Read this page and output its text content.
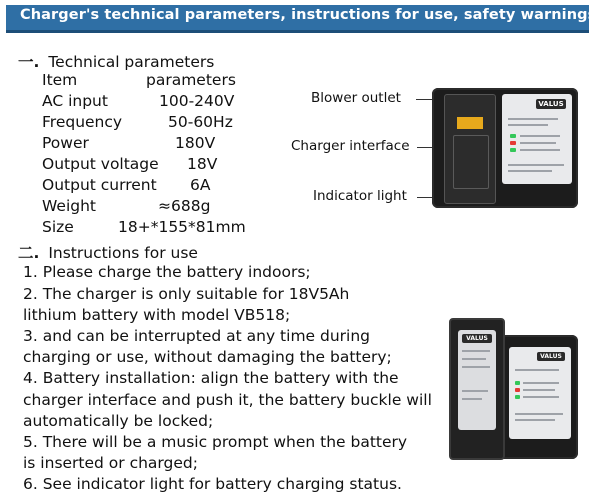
Charger's technical parameters, instructions for use, safety warnings
一. Technical parameters
Item	parameters
AC input	100-240V
Frequency	50-60Hz
Power	180V
Output voltage 18V
Output current 6A
Weight	≈688g
Size	18+*155*81mm
二. Instructions for use
1. Please charge the battery indoors;
2. The charger is only suitable for 18V5Ah
lithium battery with model VB518;
3. and can be interrupted at any time during
charging or use, without damaging the battery;
4. Battery installation: align the battery with the
charger interface and push it, the battery buckle will
automatically be locked;
5. There will be a music prompt when the battery
is inserted or charged;
6. See indicator light for battery charging status.
Blower outlet
Charger interface
Indicator light
VALUS
VALUS
VALUS
